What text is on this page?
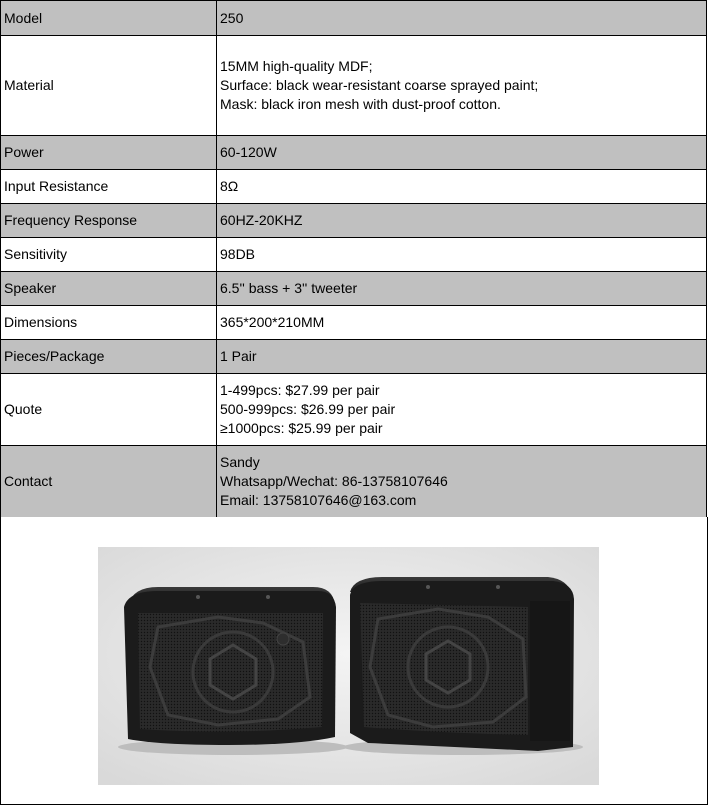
Model	250

Material	15MM high-quality MDF;
Surface: black wear-resistant coarse sprayed paint;
Mask: black iron mesh with dust-proof cotton.

Power	60-120W

Input Resistance	8Ω

Frequency Response	60HZ-20KHZ

Sensitivity	98DB

Speaker	6.5'' bass + 3'' tweeter

Dimensions	365*200*210MM

Pieces/Package	1 Pair

Quote	1-499pcs: $27.99 per pair
500-999pcs: $26.99 per pair
≥1000pcs: $25.99 per pair

Contact	Sandy
Whatsapp/Wechat: 86-13758107646
Email: 13758107646@163.com
